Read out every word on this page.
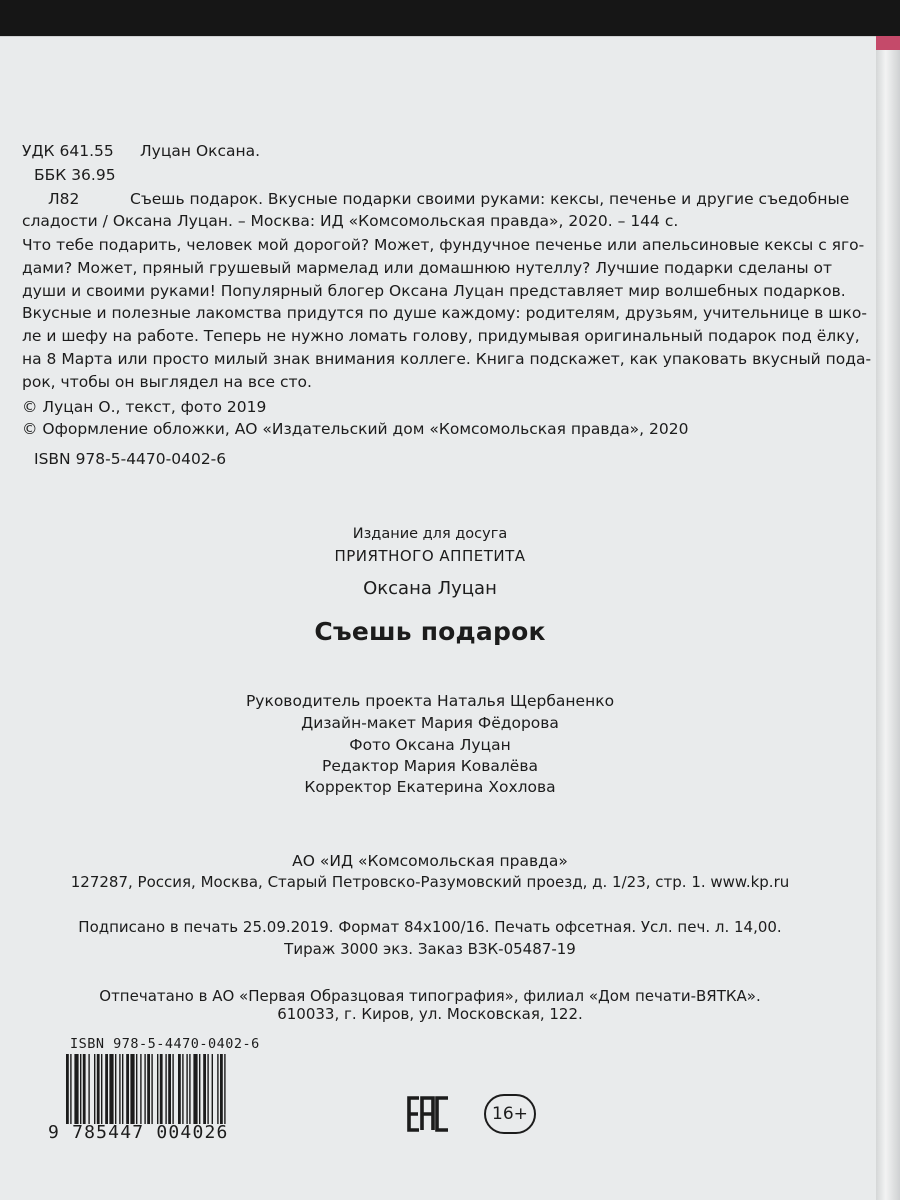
УДК 641.55 Луцан Оксана.
ББК 36.95
Л82	Съешь подарок. Вкусные подарки своими руками: кексы, печенье и другие съедобные
сладости / Оксана Луцан. – Москва: ИД «Комсомольская правда», 2020. – 144 с.
Что тебе подарить, человек мой дорогой? Может, фундучное печенье или апельсиновые кексы с яго-
дами? Может, пряный грушевый мармелад или домашнюю нутеллу? Лучшие подарки сделаны от
души и своими руками! Популярный блогер Оксана Луцан представляет мир волшебных подарков.
Вкусные и полезные лакомства придутся по душе каждому: родителям, друзьям, учительнице в шко-
ле и шефу на работе. Теперь не нужно ломать голову, придумывая оригинальный подарок под ёлку,
на 8 Марта или просто милый знак внимания коллеге. Книга подскажет, как упаковать вкусный пода-
рок, чтобы он выглядел на все сто.
© Луцан О., текст, фото 2019
© Оформление обложки, АО «Издательский дом «Комсомольская правда», 2020
ISBN 978-5-4470-0402-6
Издание для досуга
ПРИЯТНОГО АППЕТИТА
Оксана Луцан
Съешь подарок
Руководитель проекта Наталья Щербаненко
Дизайн-макет Мария Фёдорова
Фото Оксана Луцан
Редактор Мария Ковалёва
Корректор Екатерина Хохлова
АО «ИД «Комсомольская правда»
127287, Россия, Москва, Старый Петровско-Разумовский проезд, д. 1/23, стр. 1. www.kp.ru
Подписано в печать 25.09.2019. Формат 84х100/16. Печать офсетная. Усл. печ. л. 14,00.
Тираж 3000 экз. Заказ ВЗК-05487-19
Отпечатано в АО «Первая Образцовая типография», филиал «Дом печати-ВЯТКА».
610033, г. Киров, ул. Московская, 122.
ISBN 978-5-4470-0402-6
9 785447 004026
16+
